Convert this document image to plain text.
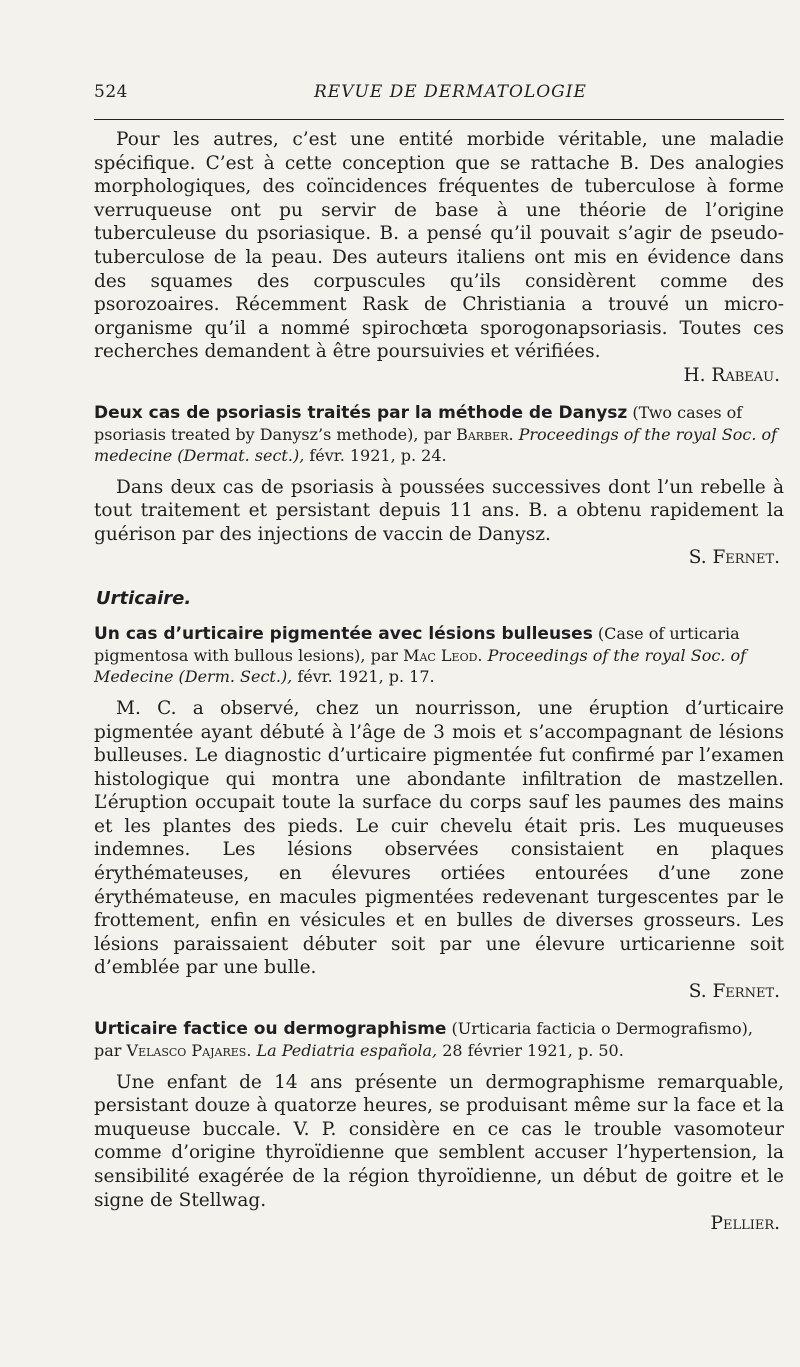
524	REVUE DE DERMATOLOGIE

Pour les autres, c’est une entité morbide véritable, une maladie spécifique. C’est à cette conception que se rattache B. Des analogies morphologiques, des coïncidences fréquentes de tuberculose à forme verruqueuse ont pu servir de base à une théorie de l’origine tuberculeuse du psoriasique. B. a pensé qu’il pouvait s’agir de pseudo-tuberculose de la peau. Des auteurs italiens ont mis en évidence dans des squames des corpuscules qu’ils considèrent comme des psorozoaires. Récemment Rask de Christiania a trouvé un micro-organisme qu’il a nommé spirochœta sporogonapsoriasis. Toutes ces recherches demandent à être poursuivies et vérifiées.

H. Rabeau.

Deux cas de psoriasis traités par la méthode de Danysz (Two cases of psoriasis treated by Danysz’s methode), par Barber. Proceedings of the royal Soc. of medecine (Dermat. sect.), févr. 1921, p. 24.

Dans deux cas de psoriasis à poussées successives dont l’un rebelle à tout traitement et persistant depuis 11 ans. B. a obtenu rapidement la guérison par des injections de vaccin de Danysz.

S. Fernet.

Urticaire.

Un cas d’urticaire pigmentée avec lésions bulleuses (Case of urticaria pigmentosa with bullous lesions), par Mac Leod. Proceedings of the royal Soc. of Medecine (Derm. Sect.), févr. 1921, p. 17.

M. C. a observé, chez un nourrisson, une éruption d’urticaire pigmentée ayant débuté à l’âge de 3 mois et s’accompagnant de lésions bulleuses. Le diagnostic d’urticaire pigmentée fut confirmé par l’examen histologique qui montra une abondante infiltration de mastzellen. L’éruption occupait toute la surface du corps sauf les paumes des mains et les plantes des pieds. Le cuir chevelu était pris. Les muqueuses indemnes. Les lésions observées consistaient en plaques érythémateuses, en élevures ortiées entourées d’une zone érythémateuse, en macules pigmentées redevenant turgescentes par le frottement, enfin en vésicules et en bulles de diverses grosseurs. Les lésions paraissaient débuter soit par une élevure urticarienne soit d’emblée par une bulle.

S. Fernet.

Urticaire factice ou dermographisme (Urticaria facticia o Dermografismo), par Velasco Pajares. La Pediatria española, 28 février 1921, p. 50.

Une enfant de 14 ans présente un dermographisme remarquable, persistant douze à quatorze heures, se produisant même sur la face et la muqueuse buccale. V. P. considère en ce cas le trouble vasomoteur comme d’origine thyroïdienne que semblent accuser l’hypertension, la sensibilité exagérée de la région thyroïdienne, un début de goitre et le signe de Stellwag.

Pellier.
